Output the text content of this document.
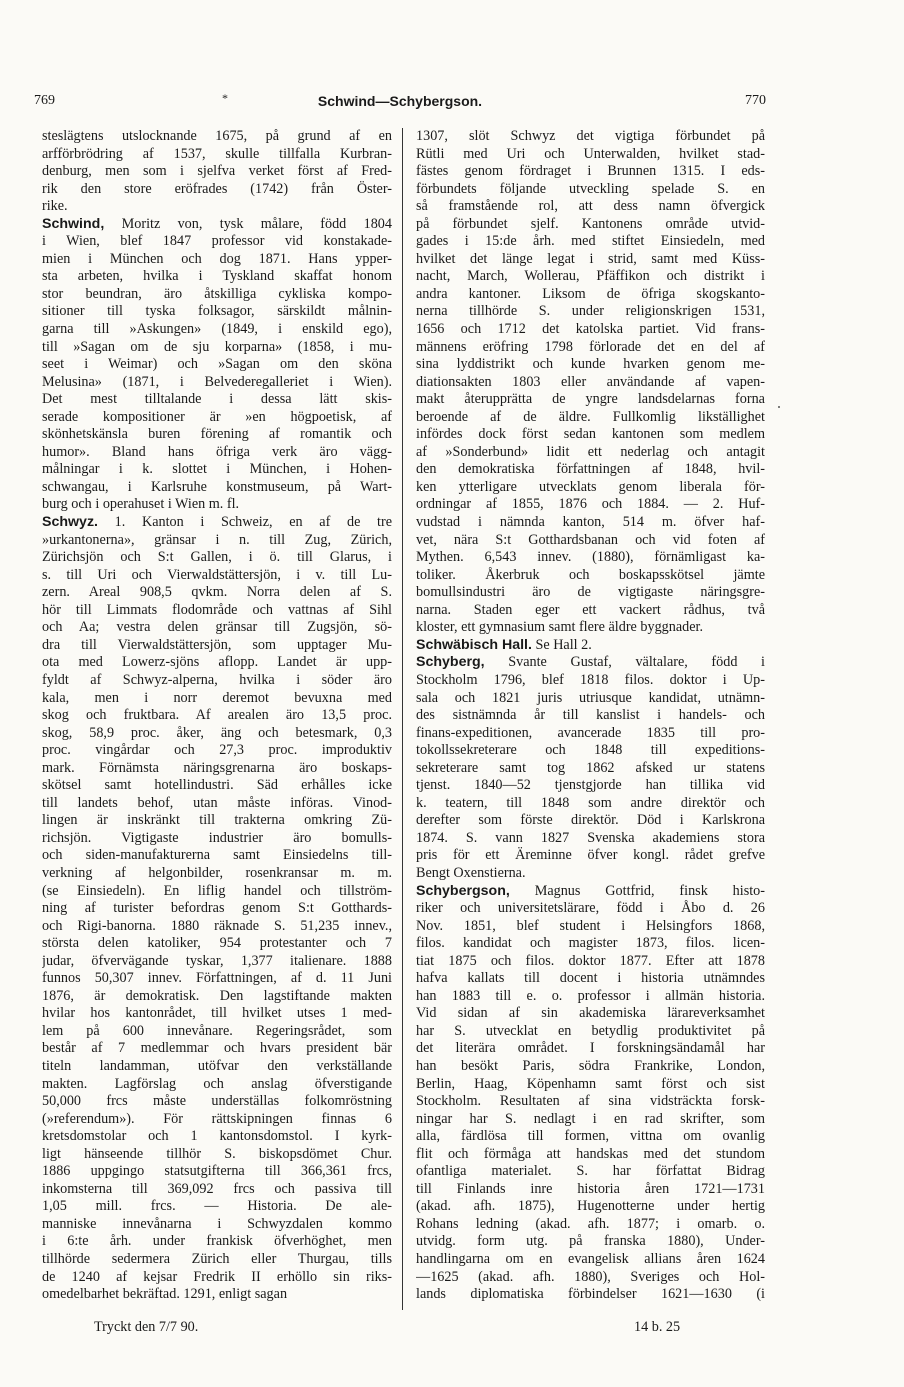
769	*	Schwind—Schybergson.	770
steslägtens utslocknande 1675, på grund af en
arfförbrödring af 1537, skulle tillfalla Kurbran-
denburg, men som i sjelfva verket först af Fred-
rik den store eröfrades (1742) från Öster-
rike.
Schwind, Moritz von, tysk målare, född 1804
i Wien, blef 1847 professor vid konstakade-
mien i München och dog 1871. Hans ypper-
sta arbeten, hvilka i Tyskland skaffat honom
stor beundran, äro åtskilliga cykliska kompo-
sitioner till tyska folksagor, särskildt målnin-
garna till »Askungen» (1849, i enskild ego),
till »Sagan om de sju korparna» (1858, i mu-
seet i Weimar) och »Sagan om den sköna
Melusina» (1871, i Belvederegalleriet i Wien).
Det mest tilltalande i dessa lätt skis-
serade kompositioner är »en högpoetisk, af
skönhetskänsla buren förening af romantik och
humor». Bland hans öfriga verk äro vägg-
målningar i k. slottet i München, i Hohen-
schwangau, i Karlsruhe konstmuseum, på Wart-
burg och i operahuset i Wien m. fl.
Schwyz. 1. Kanton i Schweiz, en af de tre
»urkantonerna», gränsar i n. till Zug, Zürich,
Zürichsjön och S:t Gallen, i ö. till Glarus, i
s. till Uri och Vierwaldstättersjön, i v. till Lu-
zern. Areal 908,5 qvkm. Norra delen af S.
hör till Limmats flodområde och vattnas af Sihl
och Aa; vestra delen gränsar till Zugsjön, sö-
dra till Vierwaldstättersjön, som upptager Mu-
ota med Lowerz-sjöns aflopp. Landet är upp-
fyldt af Schwyz-alperna, hvilka i söder äro
kala, men i norr deremot bevuxna med
skog och fruktbara. Af arealen äro 13,5 proc.
skog, 58,9 proc. åker, äng och betesmark, 0,3
proc. vingårdar och 27,3 proc. improduktiv
mark. Förnämsta näringsgrenarna äro boskaps-
skötsel samt hotellindustri. Säd erhålles icke
till landets behof, utan måste införas. Vinod-
lingen är inskränkt till trakterna omkring Zü-
richsjön. Vigtigaste industrier äro bomulls-
och siden-manufakturerna samt Einsiedelns till-
verkning af helgonbilder, rosenkransar m. m.
(se Einsiedeln). En liflig handel och tillström-
ning af turister befordras genom S:t Gotthards-
och Rigi-banorna. 1880 räknade S. 51,235 innev.,
största delen katoliker, 954 protestanter och 7
judar, öfvervägande tyskar, 1,377 italienare. 1888
funnos 50,307 innev. Författningen, af d. 11 Juni
1876, är demokratisk. Den lagstiftande makten
hvilar hos kantonrådet, till hvilket utses 1 med-
lem på 600 innevånare. Regeringsrådet, som
består af 7 medlemmar och hvars president bär
titeln landamman, utöfvar den verkställande
makten. Lagförslag och anslag öfverstigande
50,000 frcs måste underställas folkomröstning
(»referendum»). För rättskipningen finnas 6
kretsdomstolar och 1 kantonsdomstol. I kyrk-
ligt hänseende tillhör S. biskopsdömet Chur.
1886 uppgingo statsutgifterna till 366,361 frcs,
inkomsterna till 369,092 frcs och passiva till
1,05 mill. frcs. — Historia. De ale-
manniske innevånarna i Schwyzdalen kommo
i 6:te årh. under frankisk öfverhöghet, men
tillhörde sedermera Zürich eller Thurgau, tills
de 1240 af kejsar Fredrik II erhöllo sin riks-
omedelbarhet bekräftad. 1291, enligt sagan
1307, slöt Schwyz det vigtiga förbundet på
Rütli med Uri och Unterwalden, hvilket stad-
fästes genom fördraget i Brunnen 1315. I eds-
förbundets följande utveckling spelade S. en
så framstående rol, att dess namn öfvergick
på förbundet sjelf. Kantonens område utvid-
gades i 15:de årh. med stiftet Einsiedeln, med
hvilket det länge legat i strid, samt med Küss-
nacht, March, Wollerau, Pfäffikon och distrikt i
andra kantoner. Liksom de öfriga skogskanto-
nerna tillhörde S. under religionskrigen 1531,
1656 och 1712 det katolska partiet. Vid frans-
männens eröfring 1798 förlorade det en del af
sina lyddistrikt och kunde hvarken genom me-
diationsakten 1803 eller användande af vapen-
makt återupprätta de yngre landsdelarnas forna
beroende af de äldre. Fullkomlig likställighet
infördes dock först sedan kantonen som medlem
af »Sonderbund» lidit ett nederlag och antagit
den demokratiska författningen af 1848, hvil-
ken ytterligare utvecklats genom liberala för-
ordningar af 1855, 1876 och 1884. — 2. Huf-
vudstad i nämnda kanton, 514 m. öfver haf-
vet, nära S:t Gotthardsbanan och vid foten af
Mythen. 6,543 innev. (1880), förnämligast ka-
toliker. Åkerbruk och boskapsskötsel jämte
bomullsindustri äro de vigtigaste näringsgre-
narna. Staden eger ett vackert rådhus, två
kloster, ett gymnasium samt flere äldre byggnader.
Schwäbisch Hall. Se Hall 2.
Schyberg, Svante Gustaf, vältalare, född i
Stockholm 1796, blef 1818 filos. doktor i Up-
sala och 1821 juris utriusque kandidat, utnämn-
des sistnämnda år till kanslist i handels- och
finans-expeditionen, avancerade 1835 till pro-
tokollssekreterare och 1848 till expeditions-
sekreterare samt tog 1862 afsked ur statens
tjenst. 1840—52 tjenstgjorde han tillika vid
k. teatern, till 1848 som andre direktör och
derefter som förste direktör. Död i Karlskrona
1874. S. vann 1827 Svenska akademiens stora
pris för ett Äreminne öfver kongl. rådet grefve
Bengt Oxenstierna.
Schybergson, Magnus Gottfrid, finsk histo-
riker och universitetslärare, född i Åbo d. 26
Nov. 1851, blef student i Helsingfors 1868,
filos. kandidat och magister 1873, filos. licen-
tiat 1875 och filos. doktor 1877. Efter att 1878
hafva kallats till docent i historia utnämndes
han 1883 till e. o. professor i allmän historia.
Vid sidan af sin akademiska lärareverksamhet
har S. utvecklat en betydlig produktivitet på
det literära området. I forskningsändamål har
han besökt Paris, södra Frankrike, London,
Berlin, Haag, Köpenhamn samt först och sist
Stockholm. Resultaten af sina vidsträckta forsk-
ningar har S. nedlagt i en rad skrifter, som
alla, färdlösa till formen, vittna om ovanlig
flit och förmåga att handskas med det stundom
ofantliga materialet. S. har författat Bidrag
till Finlands inre historia åren 1721—1731
(akad. afh. 1875), Hugenotterne under hertig
Rohans ledning (akad. afh. 1877; i omarb. o.
utvidg. form utg. på franska 1880), Under-
handlingarna om en evangelisk allians åren 1624
—1625 (akad. afh. 1880), Sveriges och Hol-
lands diplomatiska förbindelser 1621—1630 (i
Tryckt den 7/7 90.	14 b. 25
